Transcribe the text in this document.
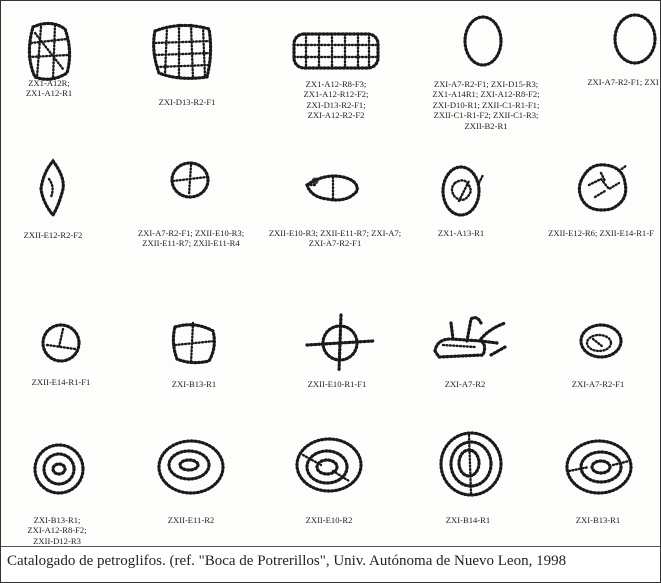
ZX1-A12R;
ZX1-A12-R1
ZXI-D13-R2-F1
ZX1-A12-R8-F3;
ZX1-A12-R12-F2;
ZXI-D13-R2-F1;
ZXI-A12-R2-F2
ZXI-A7-R2-F1; ZXI-D15-R3;
ZX1-A14R1; ZXI-A12-R8-F2;
ZXI-D10-R1; ZXII-C1-R1-F1;
ZXII-C1-R1-F2; ZXII-C1-R3;
ZXII-B2-R1
ZXI-A7-R2-F1; ZXI
ZXII-E12-R2-F2	ZXI-A7-R2-F1; ZXII-E10-R3;
ZXII-E11-R7; ZXII-E11-R4
ZXII-E10-R3; ZXII-E11-R7; ZXI-A7;
ZXI-A7-R2-F1
ZX1-A13-R1	ZXII-E12-R6; ZXII-E14-R1-F
ZXII-E14-R1-F1	ZXI-B13-R1	ZXII-E10-R1-F1	ZXI-A7-R2	ZXI-A7-R2-F1
ZXI-B13-R1;
ZXI-A12-R8-F2;
ZXII-D12-R3
ZXII-E11-R2	ZXII-E10-R2	ZXI-B14-R1	ZXI-B13-R1
Catalogado de petroglifos. (ref. "Boca de Potrerillos", Univ. Autónoma de Nuevo Leon, 1998
